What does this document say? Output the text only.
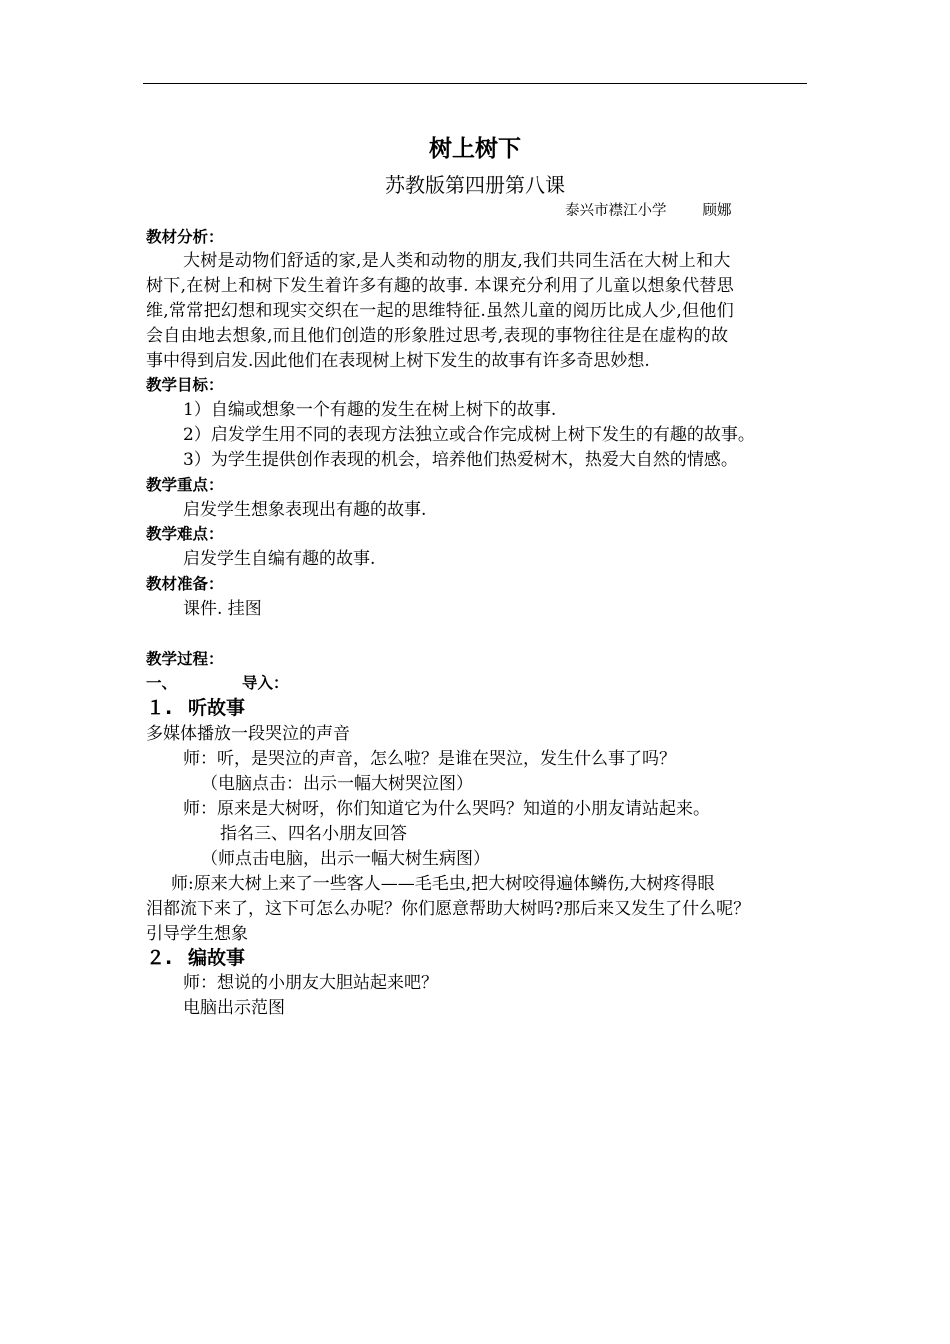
树上树下
苏教版第四册第八课
泰兴市襟江小学 顾娜
教材分析：
大树是动物们舒适的家,是人类和动物的朋友,我们共同生活在大树上和大
树下,在树上和树下发生着许多有趣的故事. 本课充分利用了儿童以想象代替思
维,常常把幻想和现实交织在一起的思维特征.虽然儿童的阅历比成人少,但他们
会自由地去想象,而且他们创造的形象胜过思考,表现的事物往往是在虚构的故
事中得到启发.因此他们在表现树上树下发生的故事有许多奇思妙想.
教学目标：
1）自编或想象一个有趣的发生在树上树下的故事.
2）启发学生用不同的表现方法独立或合作完成树上树下发生的有趣的故事。
3）为学生提供创作表现的机会，培养他们热爱树木，热爱大自然的情感。
教学重点：
启发学生想象表现出有趣的故事.
教学难点：
启发学生自编有趣的故事.
教材准备：
课件. 挂图
教学过程：
一、	导入：
１. 听故事
多媒体播放一段哭泣的声音
师：听，是哭泣的声音，怎么啦？是谁在哭泣，发生什么事了吗？
（电脑点击：出示一幅大树哭泣图）
师：原来是大树呀，你们知道它为什么哭吗？知道的小朋友请站起来。
指名三、四名小朋友回答
（师点击电脑，出示一幅大树生病图）
师:原来大树上来了一些客人——毛毛虫,把大树咬得遍体鳞伤,大树疼得眼
泪都流下来了，这下可怎么办呢？你们愿意帮助大树吗?那后来又发生了什么呢？
引导学生想象
２. 编故事
师：想说的小朋友大胆站起来吧？
电脑出示范图
